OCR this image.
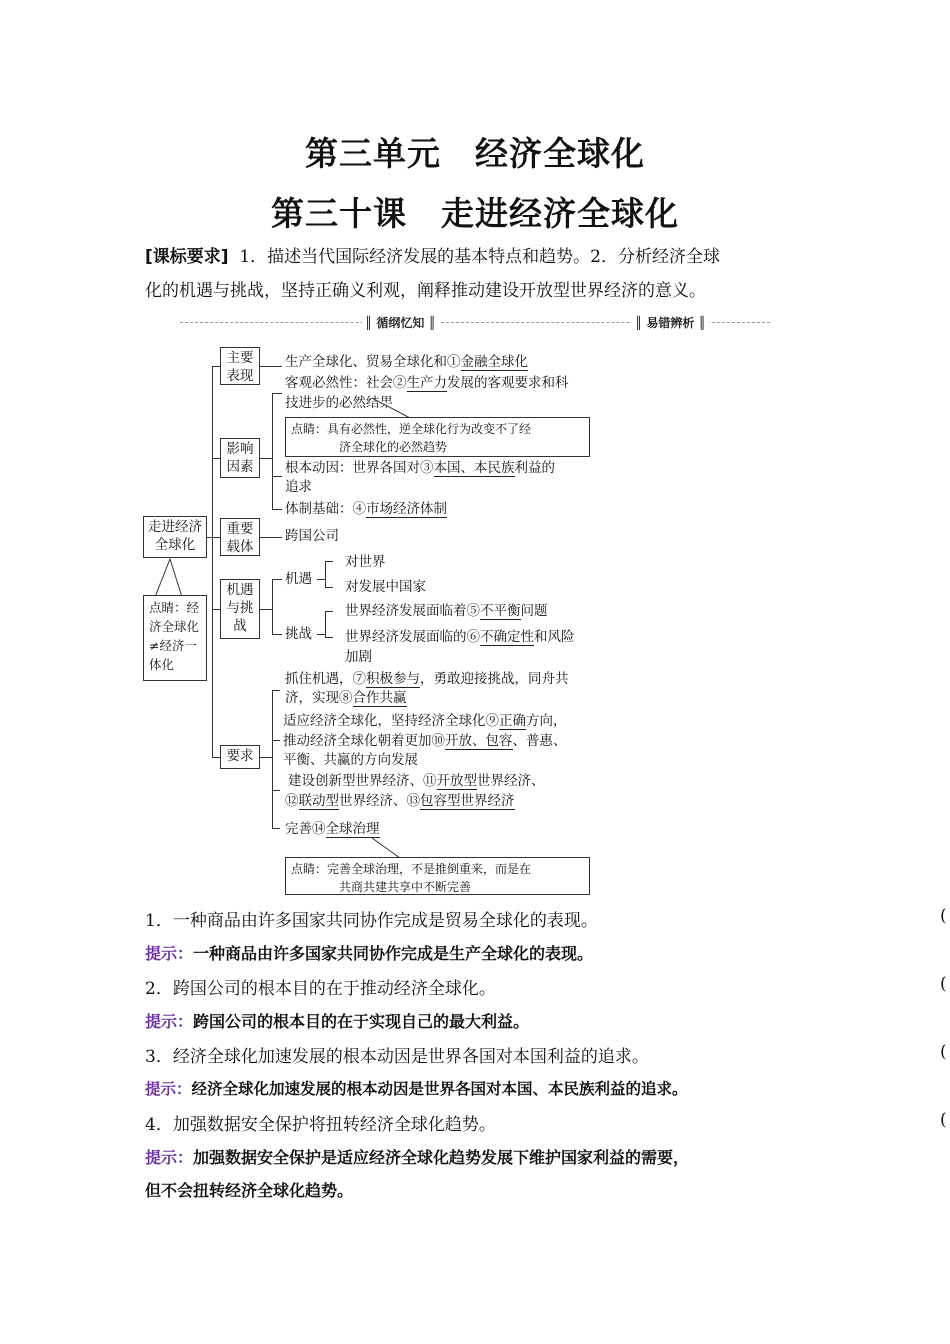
第三单元　经济全球化
第三十课　走进经济全球化
[课标要求] 1．描述当代国际经济发展的基本特点和趋势。2．分析经济全球
化的机遇与挑战，坚持正确义利观，阐释推动建设开放型世界经济的意义。
║ 循纲忆知 ║	║ 易错辨析 ║
走进经济全球化
点睛：经济全球化≠经济一体化
主要表现
生产全球化、贸易全球化和①金融全球化
影响因素
客观必然性：社会②生产力发展的客观要求和科
技进步的必然结果
点睛：具有必然性，逆全球化行为改变不了经
济全球化的必然趋势
根本动因：世界各国对③本国、本民族利益的
追求
体制基础：④市场经济体制
重要载体
跨国公司
机遇与挑战
机遇
对世界
对发展中国家
挑战
世界经济发展面临着⑤不平衡问题
世界经济发展面临的⑥不确定性和风险
加剧
要求
抓住机遇，⑦积极参与，勇敢迎接挑战，同舟共
济，实现⑧合作共赢
适应经济全球化，坚持经济全球化⑨正确方向，
推动经济全球化朝着更加⑩开放、包容、普惠、
平衡、共赢的方向发展
建设创新型世界经济、⑪开放型世界经济、
⑫联动型世界经济、⑬包容型世界经济
完善⑭全球治理
点睛：完善全球治理，不是推倒重来，而是在
共商共建共享中不断完善
1．一种商品由许多国家共同协作完成是贸易全球化的表现。	(
提示：一种商品由许多国家共同协作完成是生产全球化的表现。
2．跨国公司的根本目的在于推动经济全球化。	(
提示：跨国公司的根本目的在于实现自己的最大利益。
3．经济全球化加速发展的根本动因是世界各国对本国利益的追求。	(
提示：经济全球化加速发展的根本动因是世界各国对本国、本民族利益的追求。
4．加强数据安全保护将扭转经济全球化趋势。	(
提示：加强数据安全保护是适应经济全球化趋势发展下维护国家利益的需要，
但不会扭转经济全球化趋势。
